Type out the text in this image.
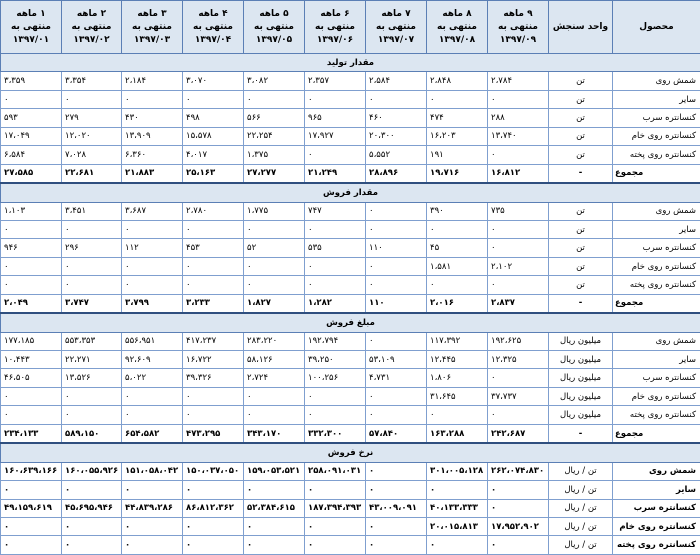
محصول	واحد سنجش	۹ ماهه منتهی به ۱۳۹۷/۰۹	۸ ماهه منتهی به ۱۳۹۷/۰۸	۷ ماهه منتهی به ۱۳۹۷/۰۷	۶ ماهه منتهی به ۱۳۹۷/۰۶	۵ ماهه منتهی به ۱۳۹۷/۰۵	۴ ماهه منتهی به ۱۳۹۷/۰۴	۳ ماهه منتهی به ۱۳۹۷/۰۳	۲ ماهه منتهی به ۱۳۹۷/۰۲	۱ ماهه منتهی به ۱۳۹۷/۰۱
مقدار تولید										
شمش روی	تن	۲،۷۸۴	۲،۸۴۸	۲،۵۸۴	۲،۳۵۷	۳،۰۸۲	۳،۰۷۰	۲،۱۸۴	۳،۳۵۴	۳،۳۵۹
سایر	تن	۰	۰	۰	۰	۰	۰	۰	۰	۰
کنسانتره سرب	تن	۲۸۸	۴۷۴	۴۶۰	۹۶۵	۵۶۶	۴۹۸	۴۳۰	۲۷۹	۵۹۳
کنسانتره روی خام	تن	۱۳،۷۴۰	۱۶،۲۰۳	۲۰،۳۰۰	۱۷،۹۲۷	۲۲،۲۵۴	۱۵،۵۷۸	۱۳،۹۰۹	۱۲،۰۲۰	۱۷،۰۴۹
کنسانتره روی پخته	تن	۰	۱۹۱	۵،۵۵۲	۰	۱،۳۷۵	۴،۰۱۷	۶،۳۶۰	۷،۰۲۸	۶،۵۸۴
مجموع	-	۱۶،۸۱۲	۱۹،۷۱۶	۲۸،۸۹۶	۲۱،۲۴۹	۲۷،۲۷۷	۲۵،۱۶۳	۲۱،۸۸۳	۲۲،۶۸۱	۲۷،۵۸۵
مقدار فروش										
شمش روی	تن	۷۳۵	۳۹۰	۰	۷۴۷	۱،۷۷۵	۲،۷۸۰	۳،۶۸۷	۳،۴۵۱	۱،۱۰۳
سایر	تن	۰	۰	۰	۰	۰	۰	۰	۰	۰
کنسانتره سرب	تن	۰	۴۵	۱۱۰	۵۳۵	۵۲	۴۵۳	۱۱۲	۲۹۶	۹۴۶
کنسانتره روی خام	تن	۲،۱۰۲	۱،۵۸۱	۰	۰	۰	۰	۰	۰	۰
کنسانتره روی پخته	تن	۰	۰	۰	۰	۰	۰	۰	۰	۰
مجموع	-	۲،۸۳۷	۲،۰۱۶	۱۱۰	۱،۲۸۲	۱،۸۲۷	۳،۲۳۳	۳،۷۹۹	۳،۷۴۷	۲،۰۴۹
مبلغ فروش										
شمش روی	میلیون ریال	۱۹۲،۶۲۵	۱۱۷،۳۹۲	۰	۱۹۲،۷۹۴	۲۸۳،۲۲۰	۴۱۷،۲۳۷	۵۵۶،۹۵۱	۵۵۳،۳۵۳	۱۷۷،۱۸۵
سایر	میلیون ریال	۱۲،۳۲۵	۱۲،۴۴۵	۵۳،۱۰۹	۳۹،۲۵۰	۵۸،۱۲۶	۱۶،۷۲۲	۹۲،۶۰۹	۲۲،۲۷۱	۱۰،۴۴۳
کنسانتره سرب	میلیون ریال	۰	۱،۸۰۶	۴،۷۳۱	۱۰۰،۲۵۶	۲،۷۲۴	۳۹،۳۲۶	۵،۰۲۲	۱۳،۵۲۶	۴۶،۵۰۵
کنسانتره روی خام	میلیون ریال	۳۷،۷۳۷	۳۱،۶۴۵	۰	۰	۰	۰	۰	۰	۰
کنسانتره روی پخته	میلیون ریال	۰	۰	۰	۰	۰	۰	۰	۰	۰
مجموع	-	۲۴۲،۶۸۷	۱۶۳،۲۸۸	۵۷،۸۴۰	۳۳۲،۳۰۰	۳۴۳،۱۷۰	۴۷۳،۲۹۵	۶۵۴،۵۸۲	۵۸۹،۱۵۰	۲۳۴،۱۳۳
نرخ فروش										
شمش روی	تن / ریال	۲۶۲،۰۷۴،۸۳۰	۳۰۱،۰۰۵،۱۲۸	۰	۲۵۸،۰۹۱،۰۳۱	۱۵۹،۰۵۳،۵۲۱	۱۵۰،۰۳۷،۰۵۰	۱۵۱،۰۵۸،۰۴۲	۱۶۰،۰۵۵،۹۲۶	۱۶۰،۶۳۹،۱۶۶
سایر	تن / ریال	۰	۰	۰	۰	۰	۰	۰	۰	۰
کنسانتره سرب	تن / ریال	۰	۴۰،۱۳۳،۳۳۳	۴۳،۰۰۹،۰۹۱	۱۸۷،۳۹۴،۳۹۳	۵۲،۳۸۴،۶۱۵	۸۶،۸۱۲،۳۶۲	۴۴،۸۳۹،۲۸۶	۴۵،۶۹۵،۹۴۶	۴۹،۱۵۹،۶۱۹
کنسانتره روی خام	تن / ریال	۱۷،۹۵۲،۹۰۲	۲۰،۰۱۵،۸۱۳	۰	۰	۰	۰	۰	۰	۰
کنسانتره روی پخته	تن / ریال	۰	۰	۰	۰	۰	۰	۰	۰	۰
